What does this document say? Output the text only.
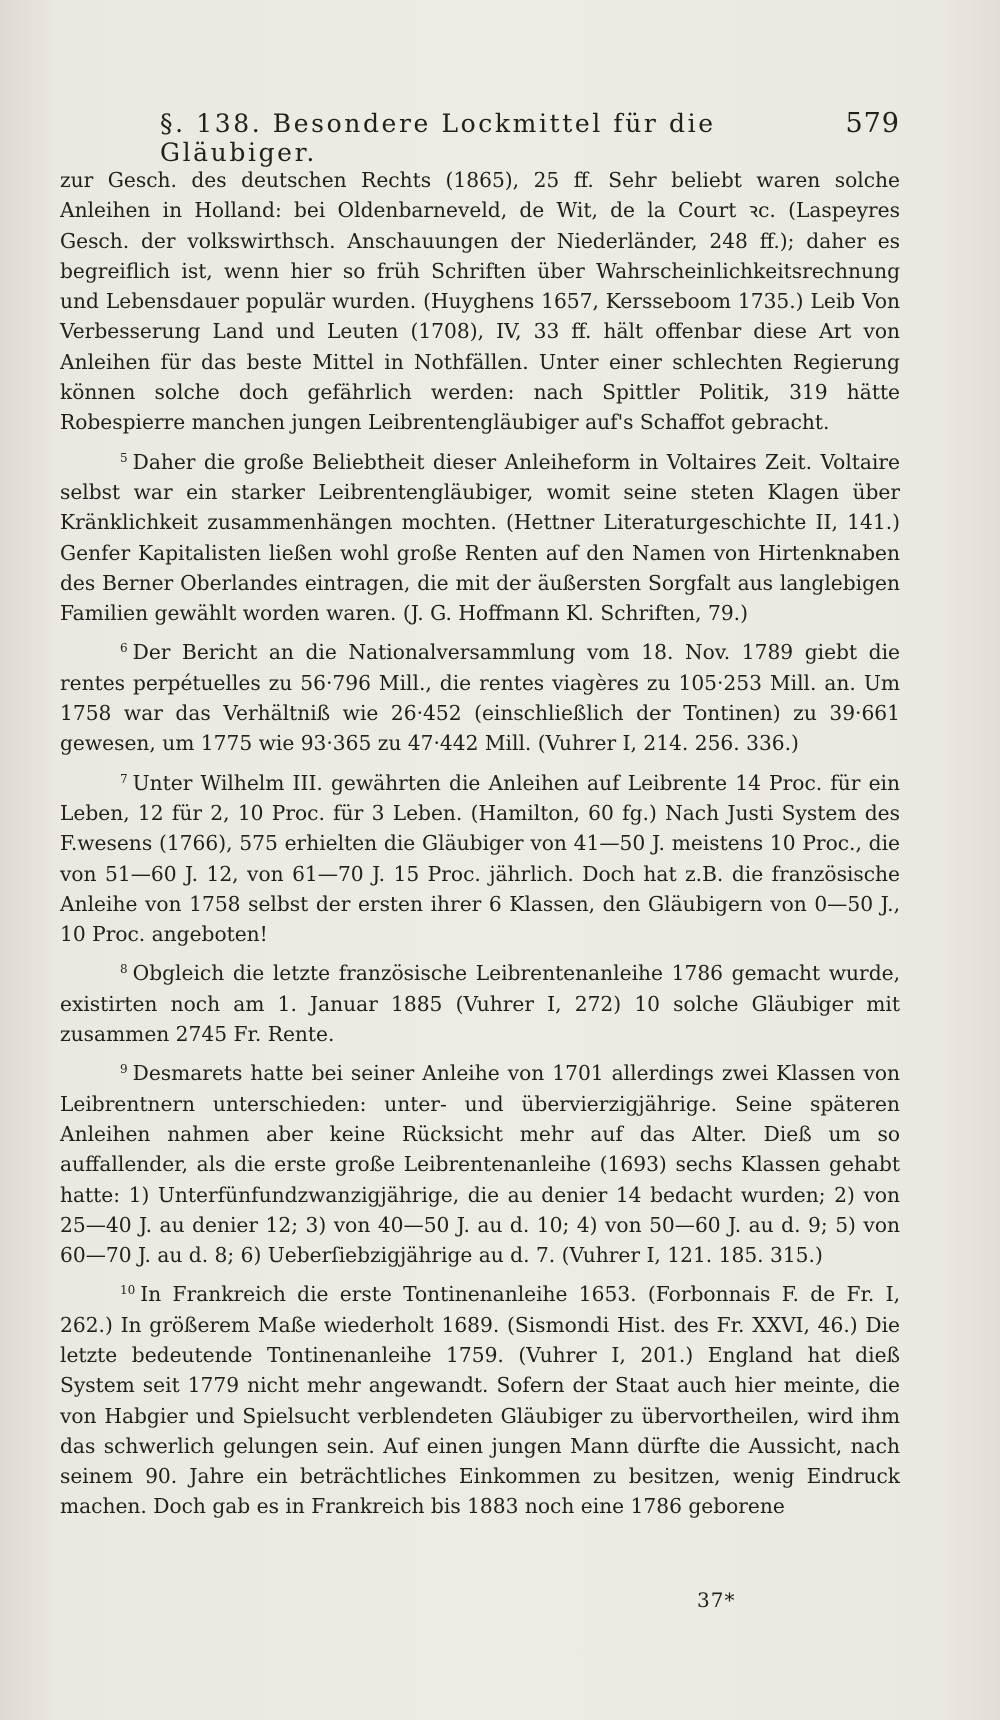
§. 138. Besondere Lockmittel für die Gläubiger.
579

zur Gesch. des deutschen Rechts (1865), 25 ff. Sehr beliebt waren solche Anleihen in Holland: bei Oldenbarneveld, de Wit, de la Court ꝛc. (Laspeyres Gesch. der volkswirthsch. Anschauungen der Niederländer, 248 ff.); daher es begreiflich ist, wenn hier so früh Schriften über Wahrscheinlichkeitsrechnung und Lebensdauer populär wurden. (Huyghens 1657, Kersseboom 1735.) Leib Von Verbesserung Land und Leuten (1708), IV, 33 ff. hält offenbar diese Art von Anleihen für das beste Mittel in Nothfällen. Unter einer schlechten Regierung können solche doch gefährlich werden: nach Spittler Politik, 319 hätte Robespierre manchen jungen Leibrentengläubiger auf's Schaffot gebracht.

$^5$ Daher die große Beliebtheit dieser Anleiheform in Voltaires Zeit. Voltaire selbst war ein starker Leibrentengläubiger, womit seine steten Klagen über Kränklichkeit zusammenhängen mochten. (Hettner Literaturgeschichte II, 141.) Genfer Kapitalisten ließen wohl große Renten auf den Namen von Hirtenknaben des Berner Oberlandes eintragen, die mit der äußersten Sorgfalt aus langlebigen Familien gewählt worden waren. (J. G. Hoffmann Kl. Schriften, 79.)

$^6$ Der Bericht an die Nationalversammlung vom 18. Nov. 1789 giebt die rentes perpétuelles zu 56·796 Mill., die rentes viagères zu 105·253 Mill. an. Um 1758 war das Verhältniß wie 26·452 (einschließlich der Tontinen) zu 39·661 gewesen, um 1775 wie 93·365 zu 47·442 Mill. (Vuhrer I, 214. 256. 336.)

$^7$ Unter Wilhelm III. gewährten die Anleihen auf Leibrente 14 Proc. für ein Leben, 12 für 2, 10 Proc. für 3 Leben. (Hamilton, 60 fg.) Nach Justi System des F.wesens (1766), 575 erhielten die Gläubiger von 41—50 J. meistens 10 Proc., die von 51—60 J. 12, von 61—70 J. 15 Proc. jährlich. Doch hat z.B. die französische Anleihe von 1758 selbst der ersten ihrer 6 Klassen, den Gläubigern von 0—50 J., 10 Proc. angeboten!

$^8$ Obgleich die letzte französische Leibrentenanleihe 1786 gemacht wurde, existirten noch am 1. Januar 1885 (Vuhrer I, 272) 10 solche Gläubiger mit zusammen 2745 Fr. Rente.

$^9$ Desmarets hatte bei seiner Anleihe von 1701 allerdings zwei Klassen von Leibrentnern unterschieden: unter- und übervierzigjährige. Seine späteren Anleihen nahmen aber keine Rücksicht mehr auf das Alter. Dieß um so auffallender, als die erste große Leibrentenanleihe (1693) sechs Klassen gehabt hatte: 1) Unterfünfundzwanzigjährige, die au denier 14 bedacht wurden; 2) von 25—40 J. au denier 12; 3) von 40—50 J. au d. 10; 4) von 50—60 J. au d. 9; 5) von 60—70 J. au d. 8; 6) Ueberſiebzigjährige au d. 7. (Vuhrer I, 121. 185. 315.)

$^{10}$ In Frankreich die erste Tontinenanleihe 1653. (Forbonnais F. de Fr. I, 262.) In größerem Maße wiederholt 1689. (Sismondi Hist. des Fr. XXVI, 46.) Die letzte bedeutende Tontinenanleihe 1759. (Vuhrer I, 201.) England hat dieß System seit 1779 nicht mehr angewandt. Sofern der Staat auch hier meinte, die von Habgier und Spielsucht verblendeten Gläubiger zu übervortheilen, wird ihm das schwerlich gelungen sein. Auf einen jungen Mann dürfte die Aussicht, nach seinem 90. Jahre ein beträchtliches Einkommen zu besitzen, wenig Eindruck machen. Doch gab es in Frankreich bis 1883 noch eine 1786 geborene

37*
